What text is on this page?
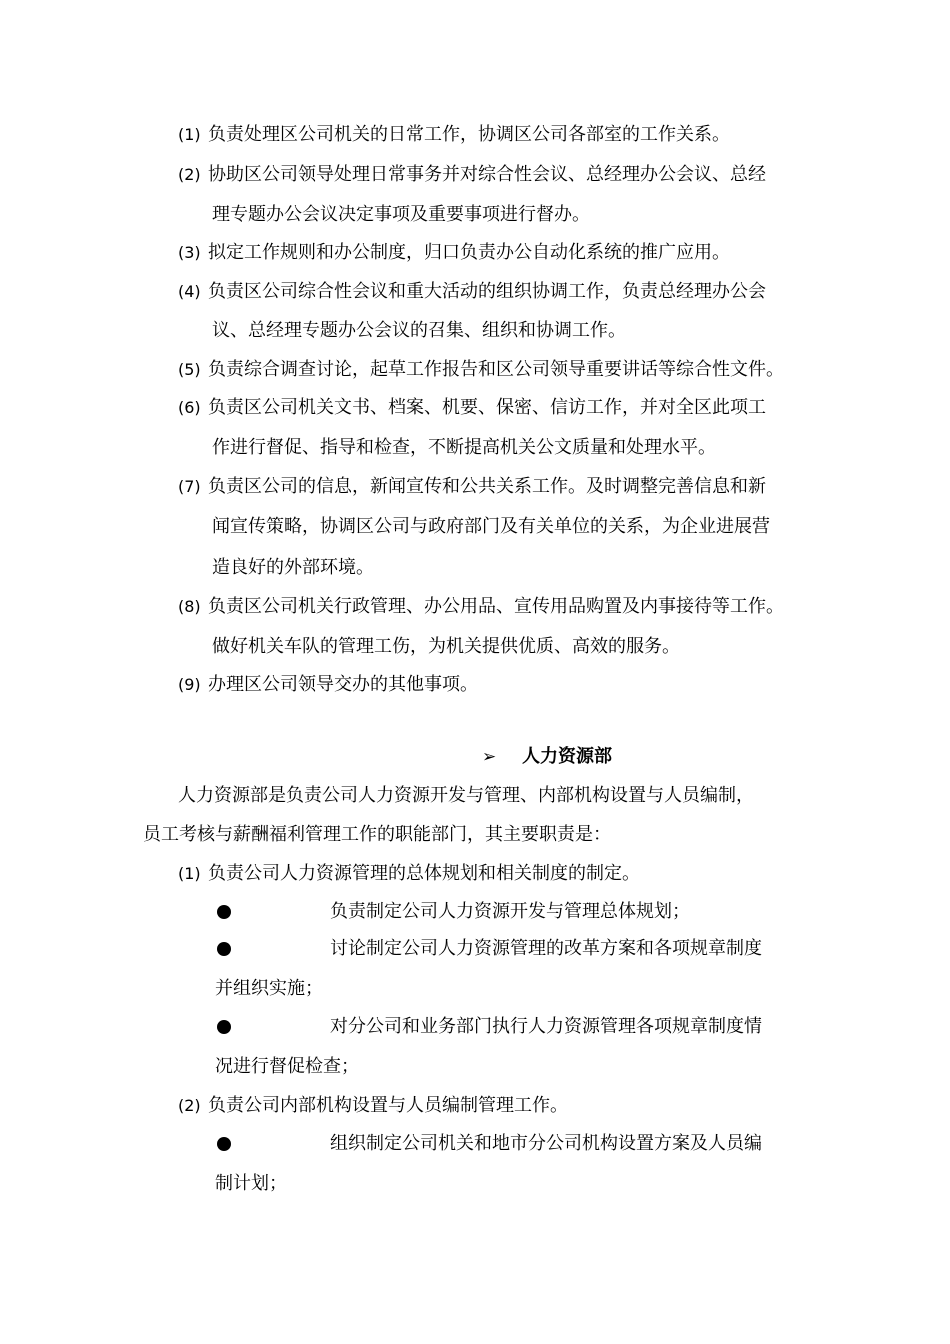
(1) 负责处理区公司机关的日常工作，协调区公司各部室的工作关系。
(2) 协助区公司领导处理日常事务并对综合性会议、总经理办公会议、总经
理专题办公会议决定事项及重要事项进行督办。
(3) 拟定工作规则和办公制度，归口负责办公自动化系统的推广应用。
(4) 负责区公司综合性会议和重大活动的组织协调工作，负责总经理办公会
议、总经理专题办公会议的召集、组织和协调工作。
(5) 负责综合调查讨论，起草工作报告和区公司领导重要讲话等综合性文件。
(6) 负责区公司机关文书、档案、机要、保密、信访工作，并对全区此项工
作进行督促、指导和检查，不断提高机关公文质量和处理水平。
(7) 负责区公司的信息，新闻宣传和公共关系工作。及时调整完善信息和新
闻宣传策略，协调区公司与政府部门及有关单位的关系，为企业进展营
造良好的外部环境。
(8) 负责区公司机关行政管理、办公用品、宣传用品购置及内事接待等工作。
做好机关车队的管理工伤，为机关提供优质、高效的服务。
(9) 办理区公司领导交办的其他事项。
➢ 人力资源部
人力资源部是负责公司人力资源开发与管理、内部机构设置与人员编制，
员工考核与薪酬福利管理工作的职能部门，其主要职责是：
(1) 负责公司人力资源管理的总体规划和相关制度的制定。
负责制定公司人力资源开发与管理总体规划；
讨论制定公司人力资源管理的改革方案和各项规章制度
并组织实施；
对分公司和业务部门执行人力资源管理各项规章制度情
况进行督促检查；
(2) 负责公司内部机构设置与人员编制管理工作。
组织制定公司机关和地市分公司机构设置方案及人员编
制计划；
